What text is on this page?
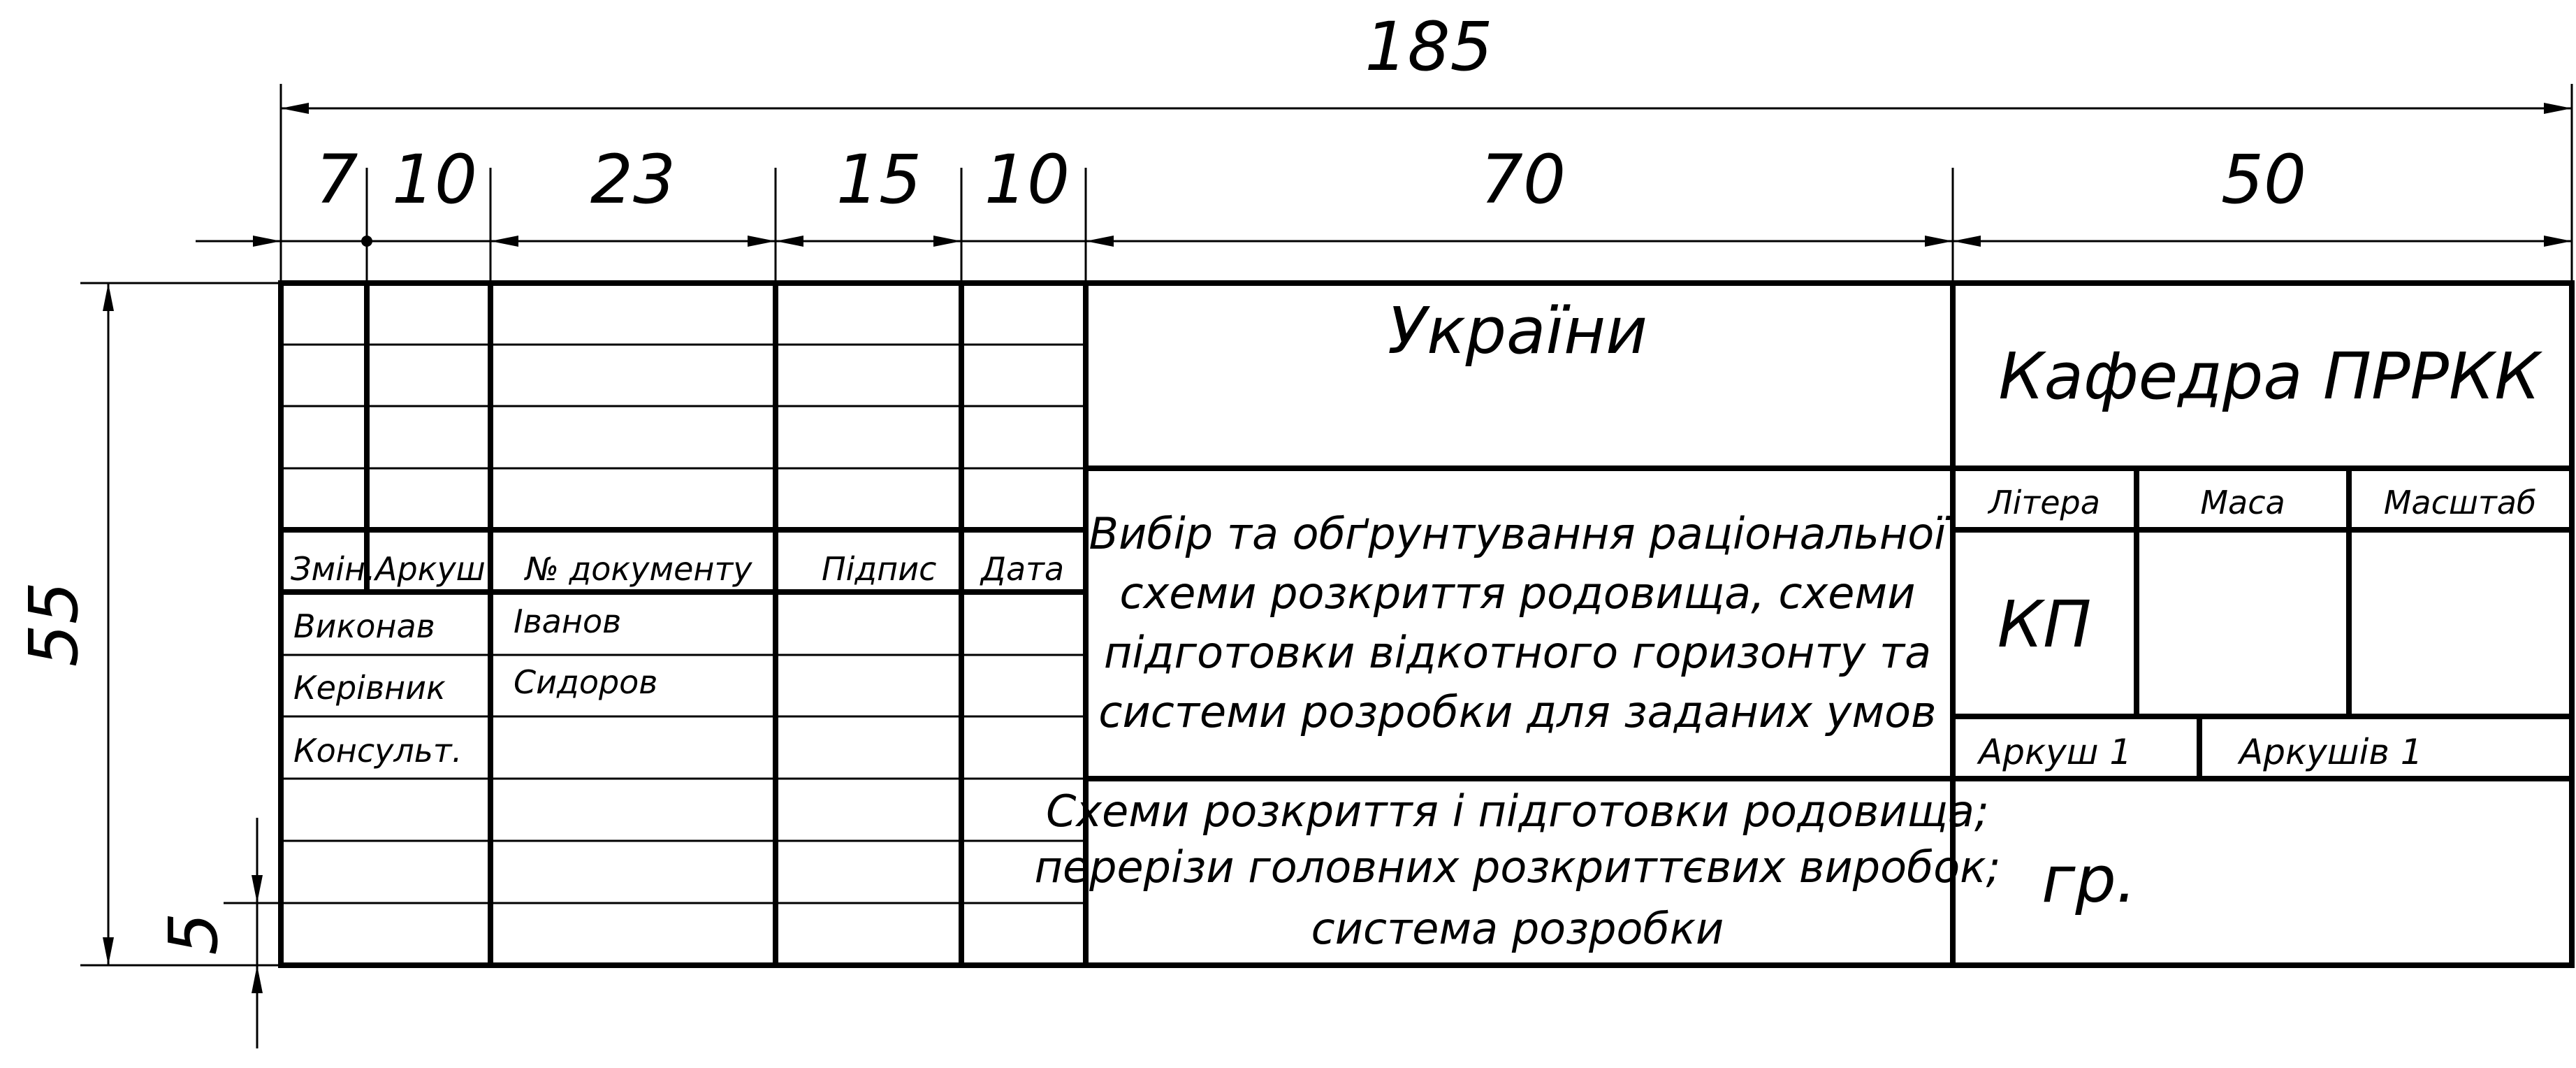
185
7 10 23 15 10	70	50
55
5
Змін. Аркуш № документу Підпис Дата
Виконав Іванов
Керівник Сидоров
Консульт.
України
Вибір та обґрунтування раціональної
схеми розкриття родовища, схеми
підготовки відкотного горизонту та
системи розробки для заданих умов
Схеми розкриття і підготовки родовища;
перерізи головних розкриттєвих виробок;
система розробки
Кафедра ПРРКК
Літера	Маса	Масштаб
КП
Аркуш 1	Аркушів 1
гр.
